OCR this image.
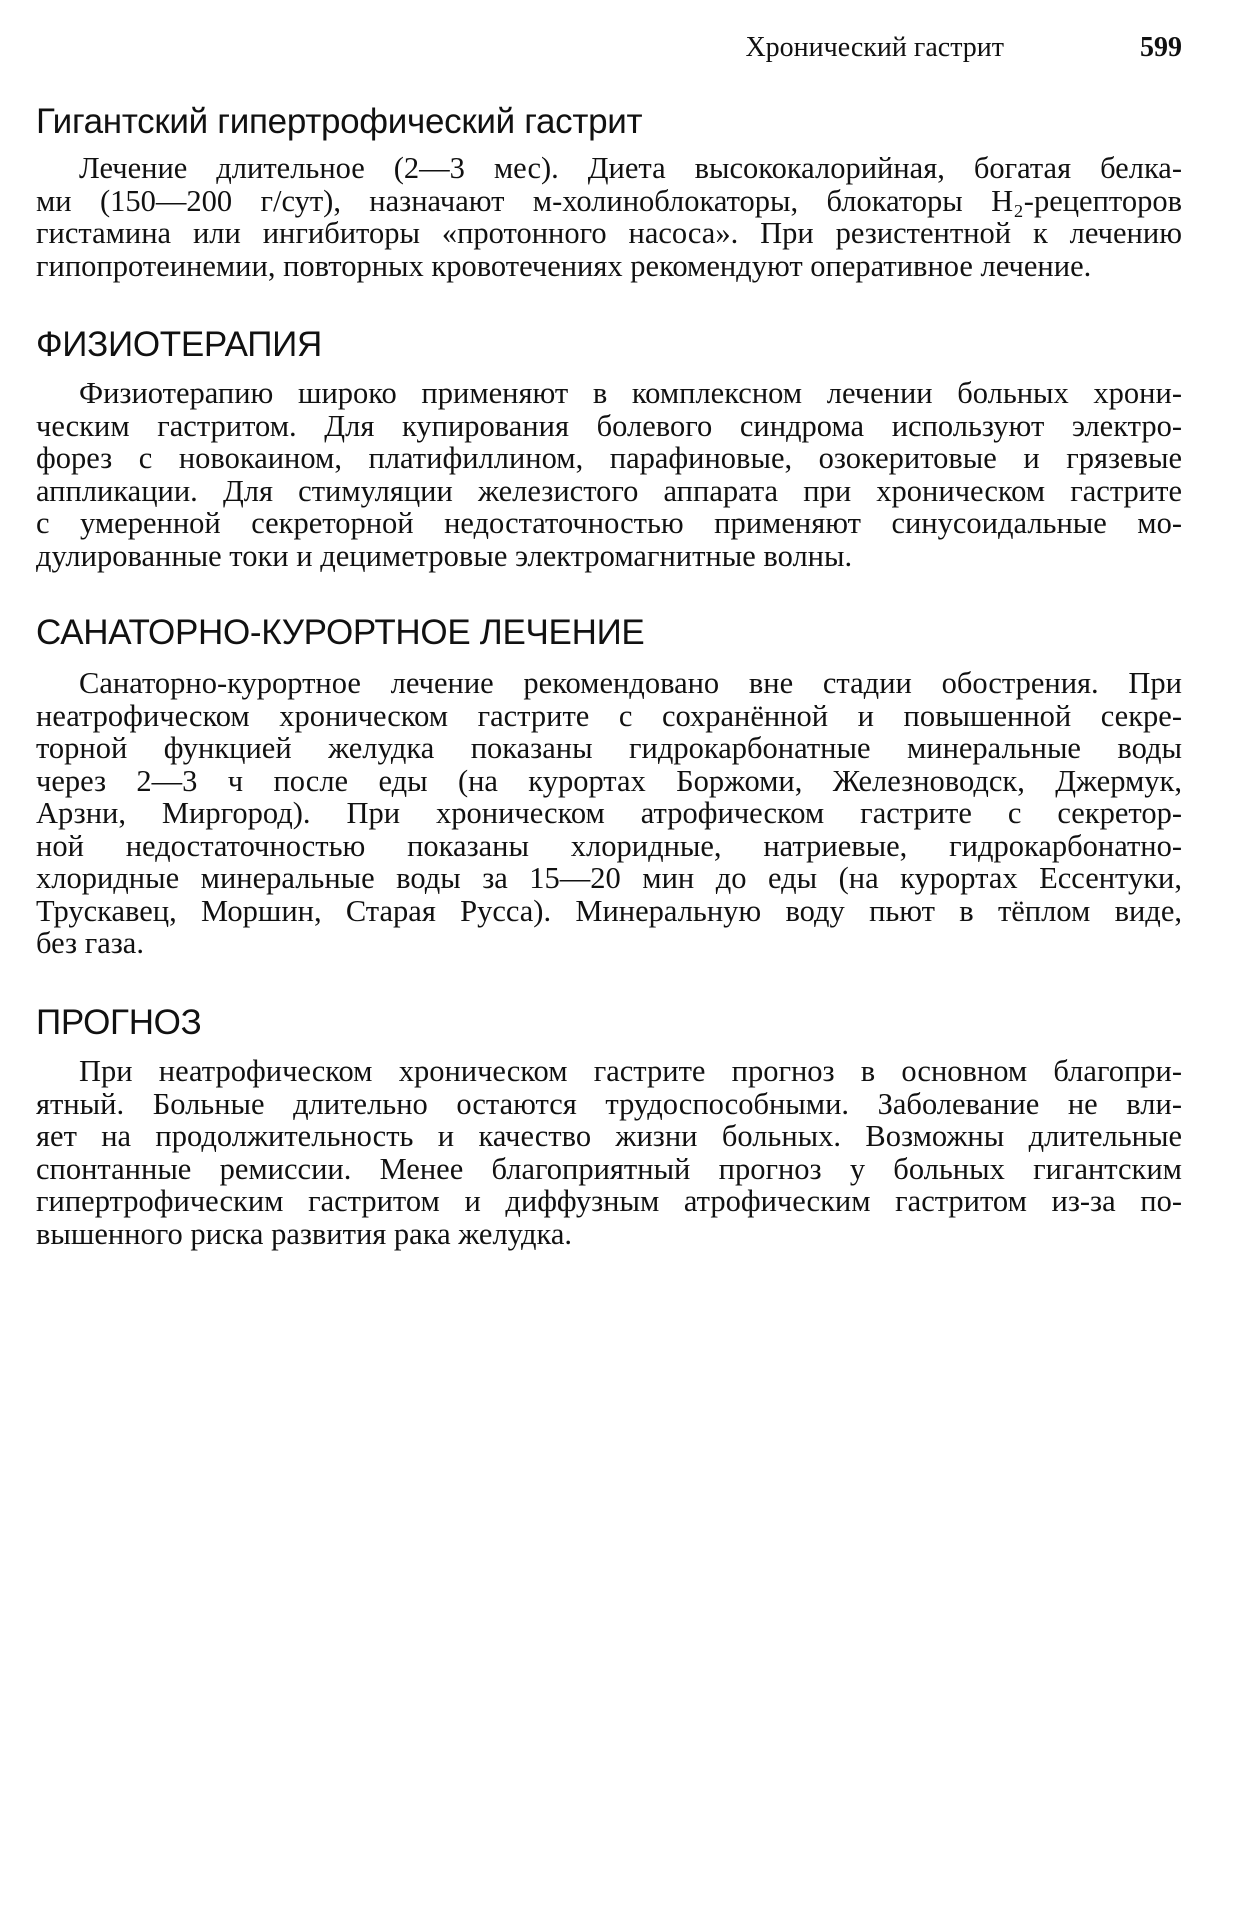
Хронический гастрит	599
Гигантский гипертрофический гастрит

Лечение длительное (2—3 мес). Диета высококалорийная, богатая белка-
ми (150—200 г/сут), назначают м-холиноблокаторы, блокаторы H₂-рецепторов
гистамина или ингибиторы «протонного насоса». При резистентной к лечению
гипопротеинемии, повторных кровотечениях рекомендуют оперативное лечение.

ФИЗИОТЕРАПИЯ

Физиотерапию широко применяют в комплексном лечении больных хрони-
ческим гастритом. Для купирования болевого синдрома используют электро-
форез с новокаином, платифиллином, парафиновые, озокеритовые и грязевые
аппликации. Для стимуляции железистого аппарата при хроническом гастрите
с умеренной секреторной недостаточностью применяют синусоидальные мо-
дулированные токи и дециметровые электромагнитные волны.

САНАТОРНО-КУРОРТНОЕ ЛЕЧЕНИЕ

Санаторно-курортное лечение рекомендовано вне стадии обострения. При
неатрофическом хроническом гастрите с сохранённой и повышенной секре-
торной функцией желудка показаны гидрокарбонатные минеральные воды
через 2—3 ч после еды (на курортах Боржоми, Железноводск, Джермук,
Арзни, Миргород). При хроническом атрофическом гастрите с секретор-
ной недостаточностью показаны хлоридные, натриевые, гидрокарбонатно-
хлоридные минеральные воды за 15—20 мин до еды (на курортах Ессентуки,
Трускавец, Моршин, Старая Русса). Минеральную воду пьют в тёплом виде,
без газа.

ПРОГНОЗ

При неатрофическом хроническом гастрите прогноз в основном благопри-
ятный. Больные длительно остаются трудоспособными. Заболевание не вли-
яет на продолжительность и качество жизни больных. Возможны длительные
спонтанные ремиссии. Менее благоприятный прогноз у больных гигантским
гипертрофическим гастритом и диффузным атрофическим гастритом из-за по-
вышенного риска развития рака желудка.
